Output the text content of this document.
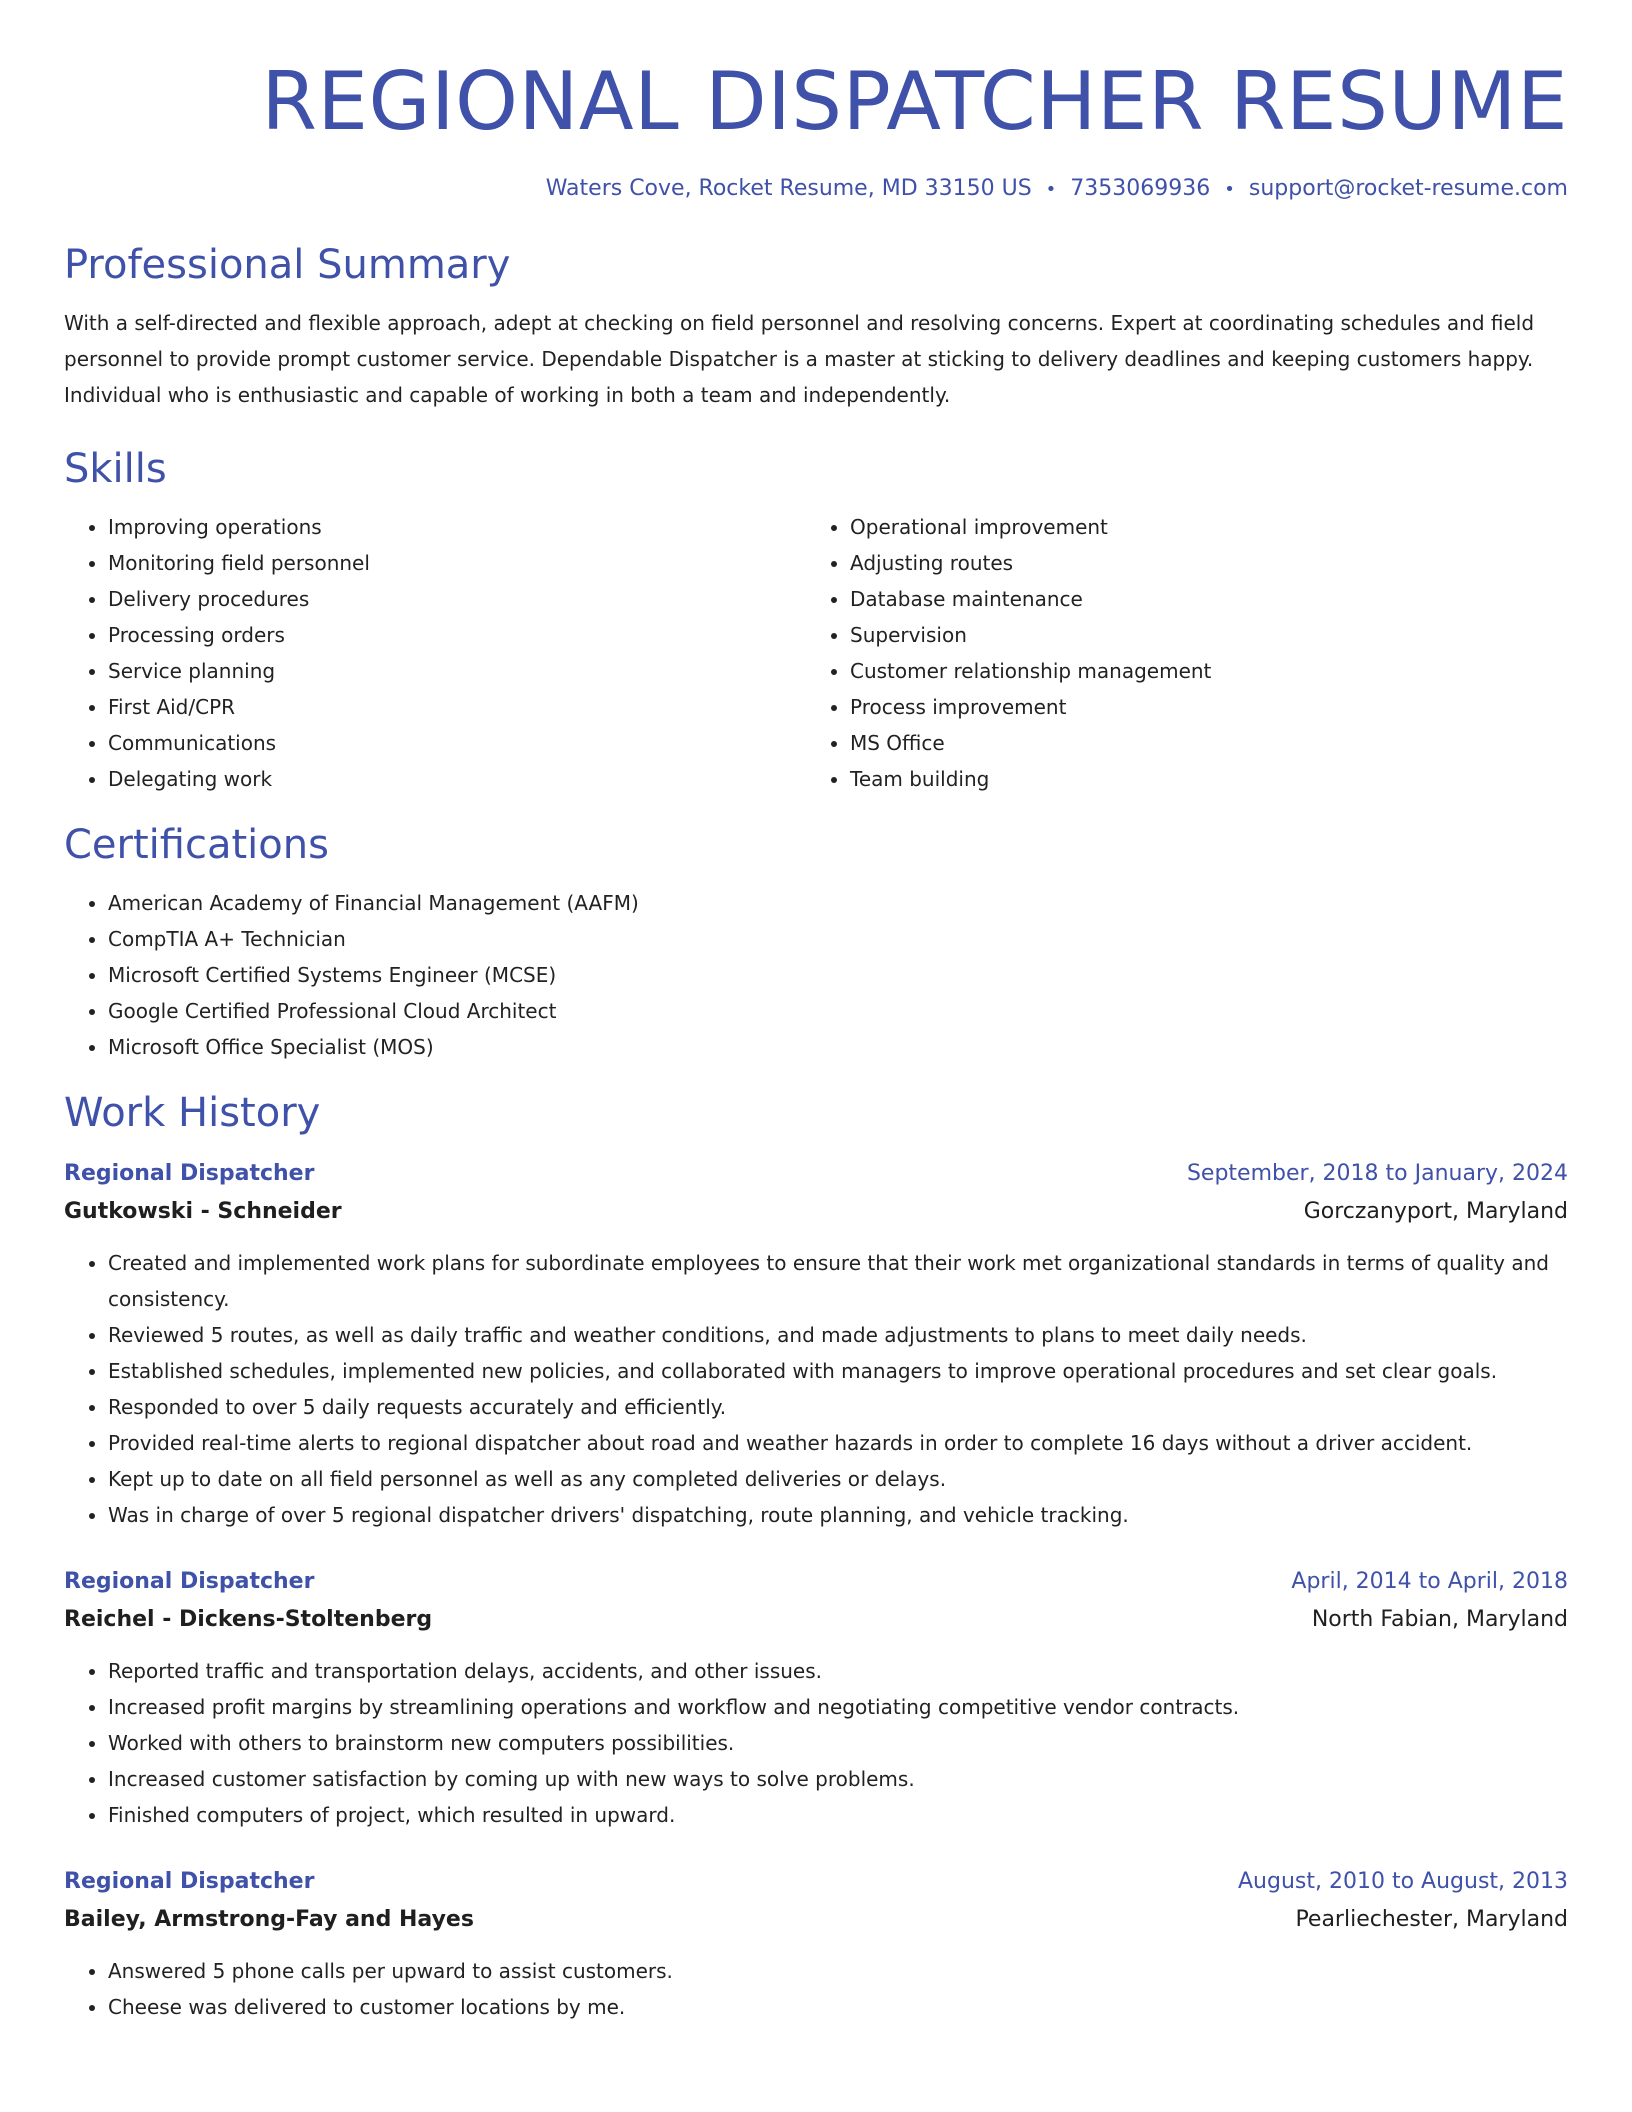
REGIONAL DISPATCHER RESUME
Waters Cove, Rocket Resume, MD 33150 US • 7353069936 • support@rocket-resume.com
Professional Summary

With a self-directed and flexible approach, adept at checking on field personnel and resolving concerns. Expert at coordinating schedules and field personnel to provide prompt customer service. Dependable Dispatcher is a master at sticking to delivery deadlines and keeping customers happy. Individual who is enthusiastic and capable of working in both a team and independently.

Skills
• Improving operations
• Monitoring field personnel
• Delivery procedures
• Processing orders
• Service planning
• First Aid/CPR
• Communications
• Delegating work
• Operational improvement
• Adjusting routes
• Database maintenance
• Supervision
• Customer relationship management
• Process improvement
• MS Office
• Team building
Certifications
• American Academy of Financial Management (AAFM)
• CompTIA A+ Technician
• Microsoft Certified Systems Engineer (MCSE)
• Google Certified Professional Cloud Architect
• Microsoft Office Specialist (MOS)
Work History
Regional Dispatcher	September, 2018 to January, 2024
Gutkowski - Schneider	Gorczanyport, Maryland
• Created and implemented work plans for subordinate employees to ensure that their work met organizational standards in terms of quality and consistency.
• Reviewed 5 routes, as well as daily traffic and weather conditions, and made adjustments to plans to meet daily needs.
• Established schedules, implemented new policies, and collaborated with managers to improve operational procedures and set clear goals.
• Responded to over 5 daily requests accurately and efficiently.
• Provided real-time alerts to regional dispatcher about road and weather hazards in order to complete 16 days without a driver accident.
• Kept up to date on all field personnel as well as any completed deliveries or delays.
• Was in charge of over 5 regional dispatcher drivers' dispatching, route planning, and vehicle tracking.
Regional Dispatcher	April, 2014 to April, 2018
Reichel - Dickens-Stoltenberg	North Fabian, Maryland
• Reported traffic and transportation delays, accidents, and other issues.
• Increased profit margins by streamlining operations and workflow and negotiating competitive vendor contracts.
• Worked with others to brainstorm new computers possibilities.
• Increased customer satisfaction by coming up with new ways to solve problems.
• Finished computers of project, which resulted in upward.
Regional Dispatcher	August, 2010 to August, 2013
Bailey, Armstrong-Fay and Hayes	Pearliechester, Maryland
• Answered 5 phone calls per upward to assist customers.
• Cheese was delivered to customer locations by me.
